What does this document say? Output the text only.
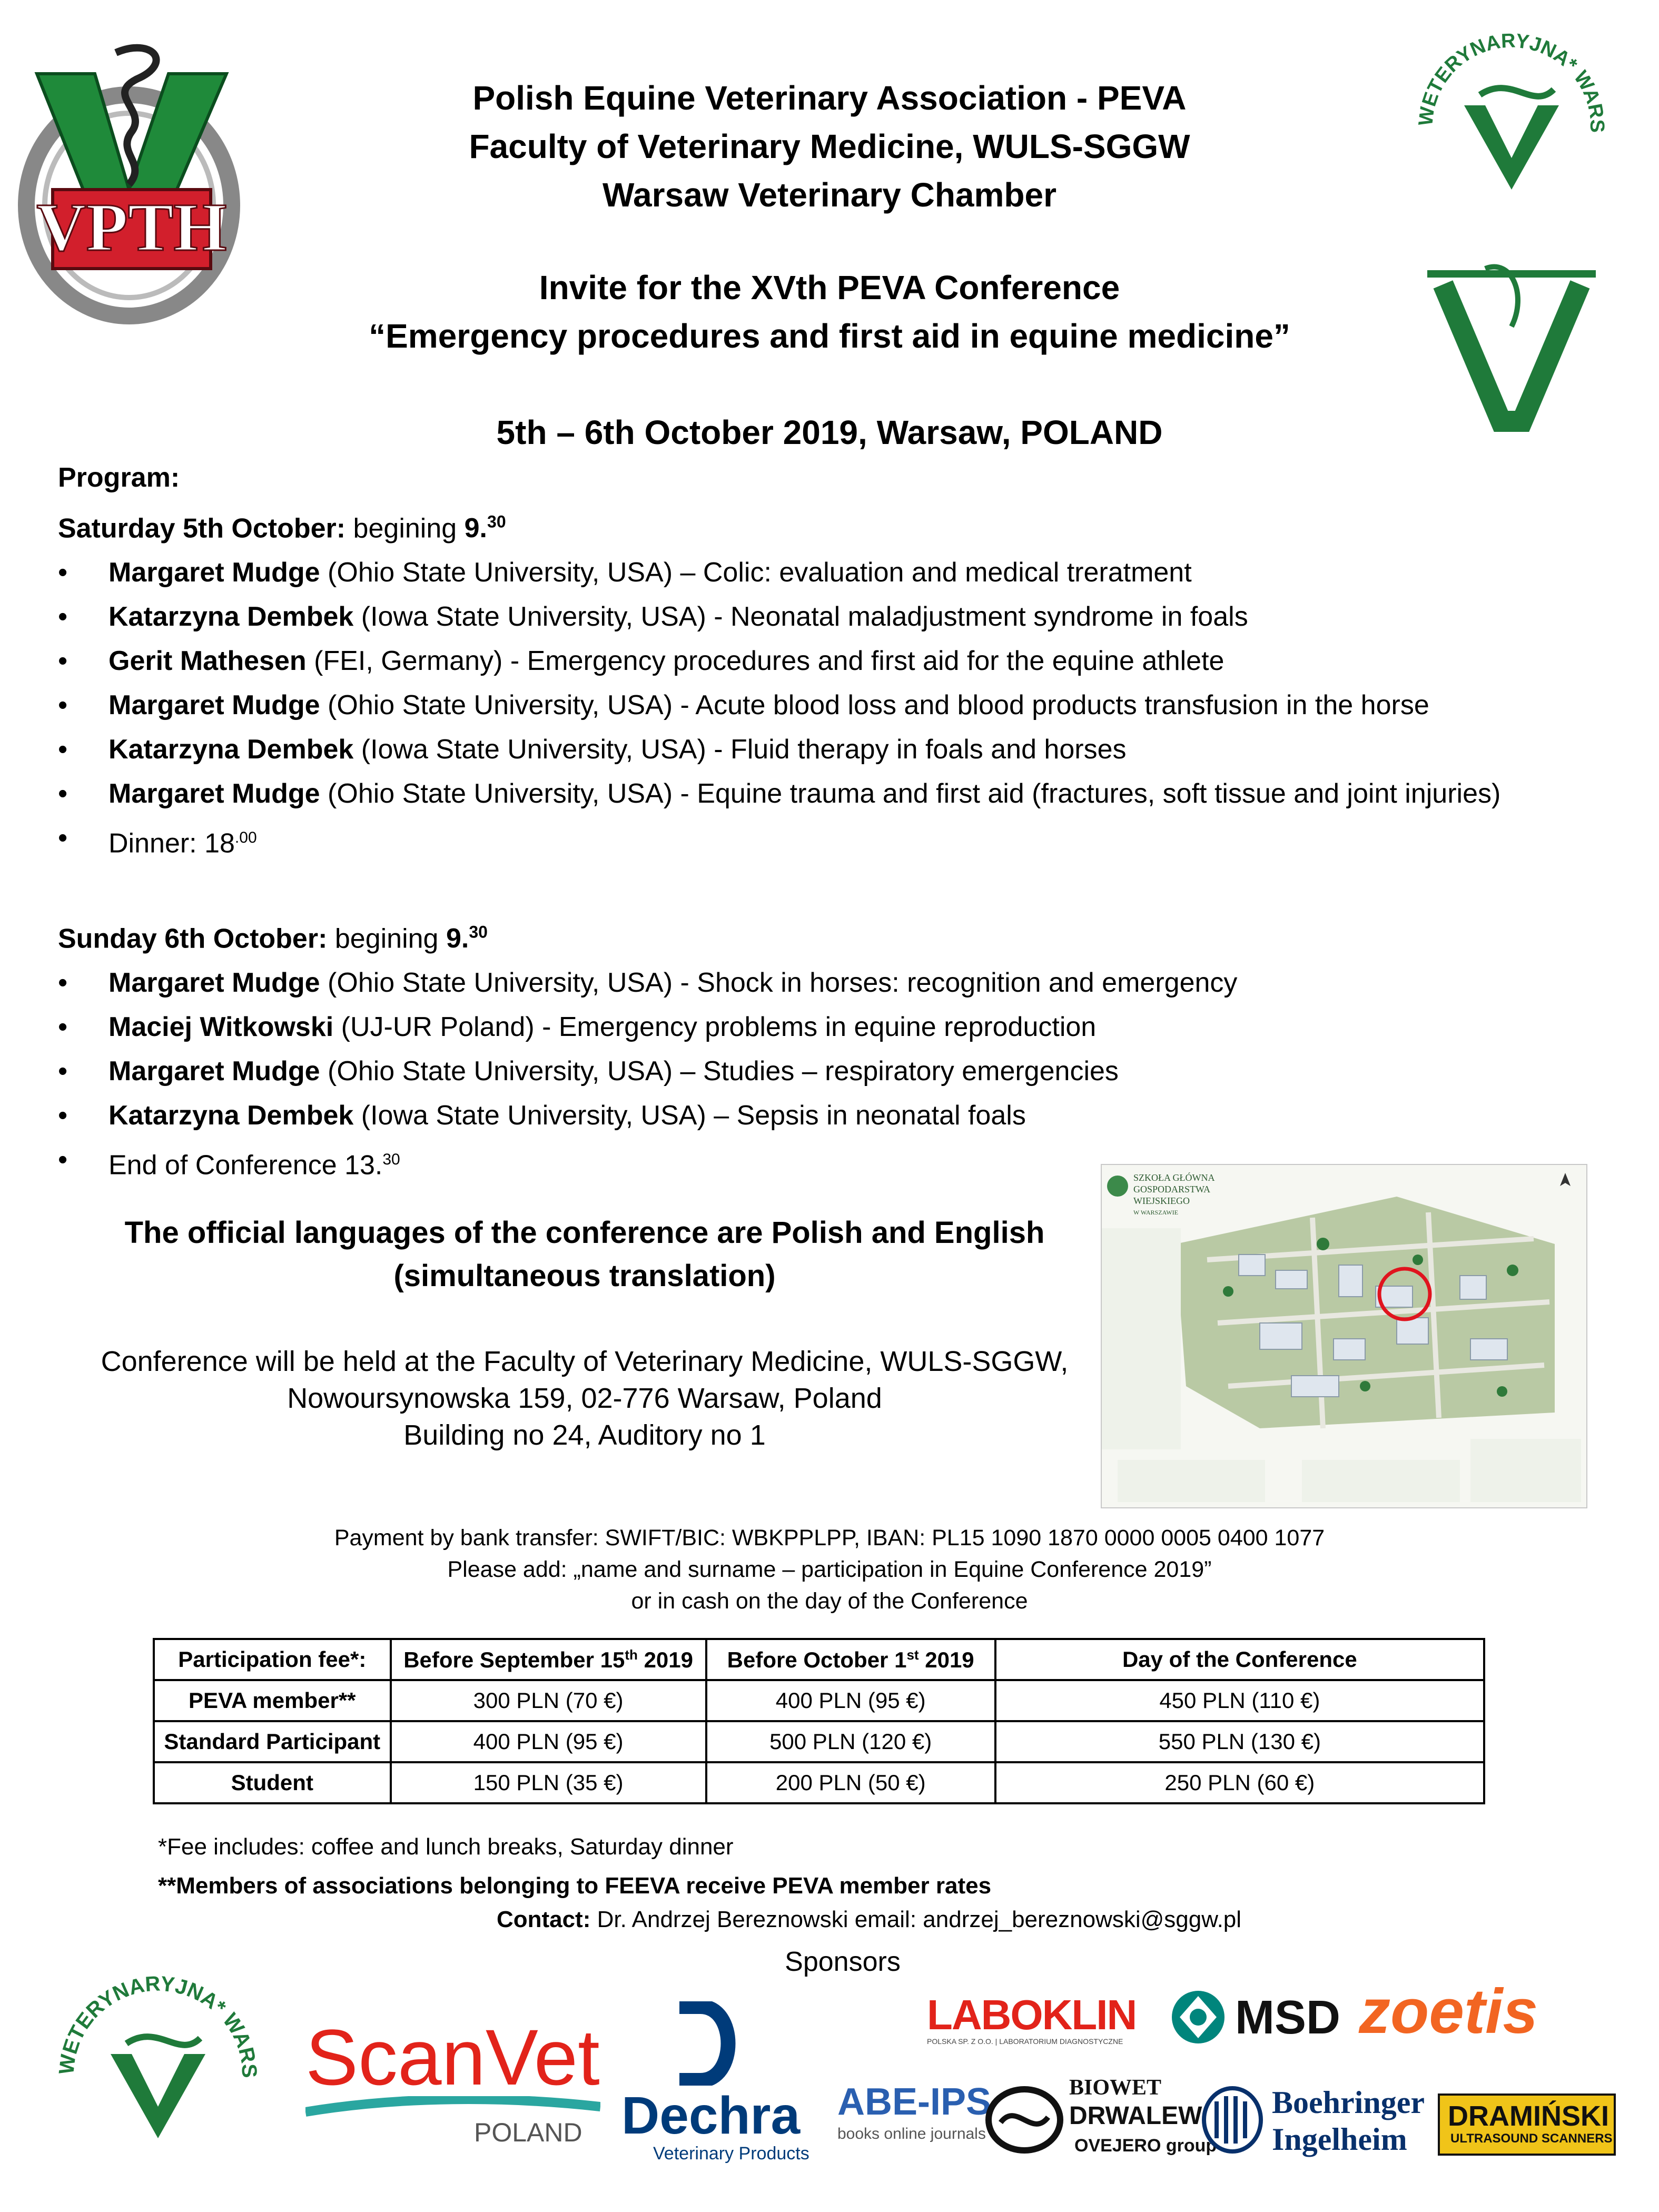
VPTH
WETERYNARYJNA* WARS
Polish Equine Veterinary Association - PEVA
Faculty of Veterinary Medicine, WULS-SGGW
Warsaw Veterinary Chamber
Invite for the XVth PEVA Conference
“Emergency procedures and first aid in equine medicine”
5th – 6th October 2019, Warsaw, POLAND
Program:
Saturday 5th October: begining 9.30
• Margaret Mudge (Ohio State University, USA) – Colic: evaluation and medical treratment
• Katarzyna Dembek (Iowa State University, USA) - Neonatal maladjustment syndrome in foals
• Gerit Mathesen (FEI, Germany) - Emergency procedures and first aid for the equine athlete
• Margaret Mudge (Ohio State University, USA) - Acute blood loss and blood products transfusion in the horse
• Katarzyna Dembek (Iowa State University, USA) - Fluid therapy in foals and horses
• Margaret Mudge (Ohio State University, USA) - Equine trauma and first aid (fractures, soft tissue and joint injuries)
• Dinner: $18^{.00}$
Sunday 6th October: begining 9.30
• Margaret Mudge (Ohio State University, USA) - Shock in horses: recognition and emergency
• Maciej Witkowski (UJ-UR Poland) - Emergency problems in equine reproduction
• Margaret Mudge (Ohio State University, USA) – Studies – respiratory emergencies
• Katarzyna Dembek (Iowa State University, USA) – Sepsis in neonatal foals
• End of Conference 13.30
The official languages of the conference are Polish and English
(simultaneous translation)
Conference will be held at the Faculty of Veterinary Medicine, WULS-SGGW,
Nowoursynowska 159, 02-776 Warsaw, Poland
Building no 24, Auditory no 1
SZKOŁA GŁÓWNA
GOSPODARSTWA
WIEJSKIEGO
W WARSZAWIE
Payment by bank transfer: SWIFT/BIC: WBKPPLPP, IBAN: PL15 1090 1870 0000 0005 0400 1077
Please add: „name and surname – participation in Equine Conference 2019”
or in cash on the day of the Conference
Participation fee*:	Before September 15th 2019	Before October 1st 2019	Day of the Conference
PEVA member**	300 PLN (70 €)	400 PLN (95 €)	450 PLN (110 €)
Standard Participant	400 PLN (95 €)	500 PLN (120 €)	550 PLN (130 €)
Student	150 PLN (35 €)	200 PLN (50 €)	250 PLN (60 €)
*Fee includes: coffee and lunch breaks, Saturday dinner
**Members of associations belonging to FEEVA receive PEVA member rates
Contact: Dr. Andrzej Bereznowski email: andrzej_bereznowski@sggw.pl
Sponsors
WETERYNARYJNA* WARS ScanVet
POLAND Dechra
Veterinary Products
LABOKLIN
POLSKA SP. Z O.O. | LABORATORIUM DIAGNOSTYCZNE MSD zoetis
ABE-IPS
books online journals
BIOWET
DRWALEW
OVEJERO group
Boehringer
Ingelheim
DRAMIŃSKI
ULTRASOUND SCANNERS
